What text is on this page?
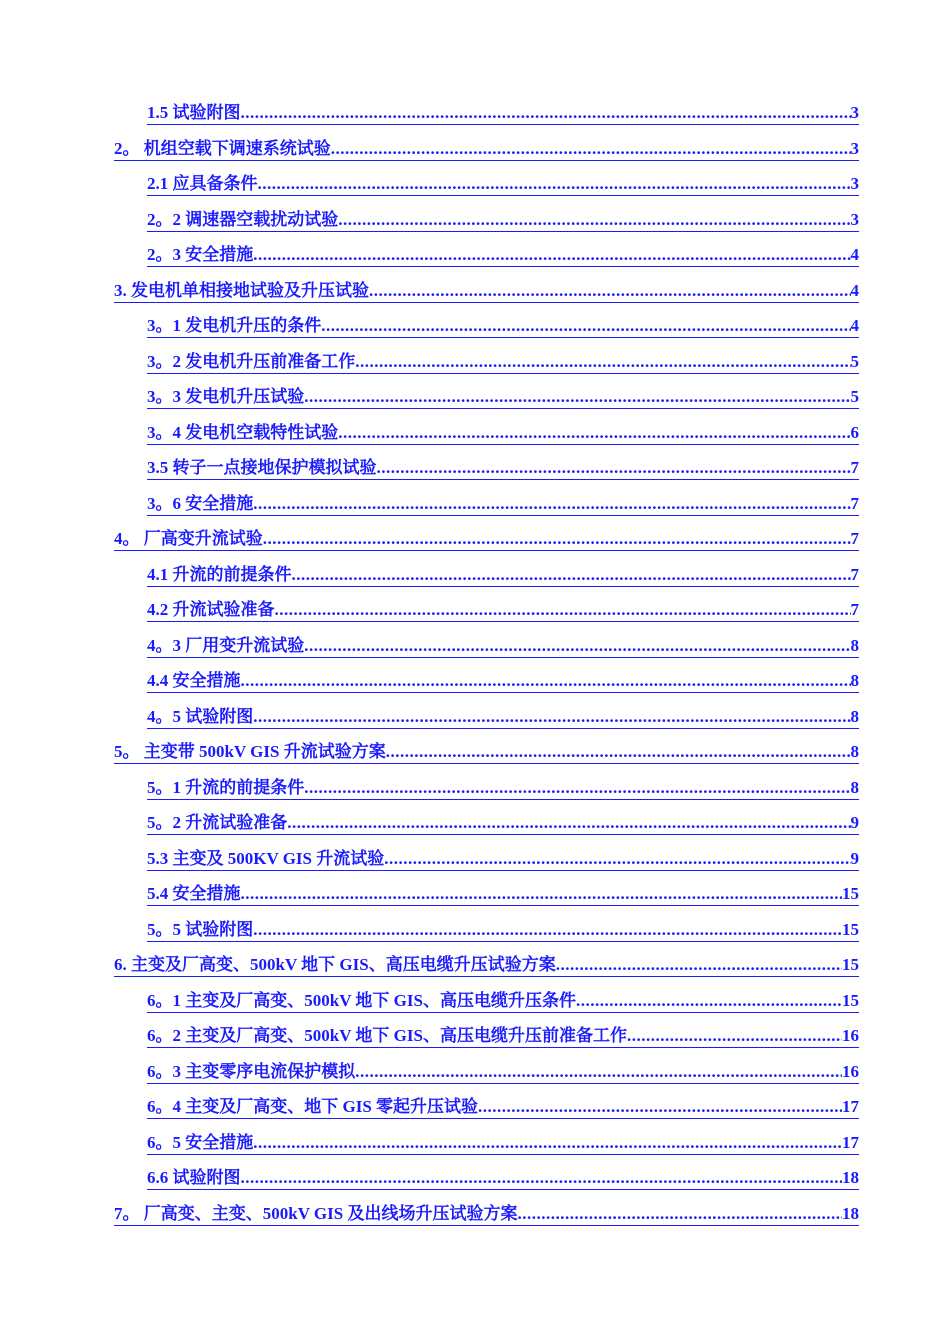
1.5 试验附图 .....	3
2。 机组空载下调速系统试验 .....	3
2.1 应具备条件 .....	3
2。2 调速器空载扰动试验 .....	3
2。3 安全措施 .....	4
3. 发电机单相接地试验及升压试验 .....	4
3。1 发电机升压的条件 .....	4
3。2 发电机升压前准备工作 .....	5
3。3 发电机升压试验 .....	5
3。4 发电机空载特性试验 .....	6
3.5 转子一点接地保护模拟试验 .....	7
3。6 安全措施 .....	7
4。 厂高变升流试验 .....	7
4.1 升流的前提条件 .....	7
4.2 升流试验准备 .....	7
4。3 厂用变升流试验 .....	8
4.4 安全措施 .....	8
4。5 试验附图 .....	8
5。 主变带 500kV GIS 升流试验方案 .....	8
5。1 升流的前提条件 .....	8
5。2 升流试验准备 .....	9
5.3 主变及 500KV GIS 升流试验 .....	9
5.4 安全措施 .....	15
5。5 试验附图 .....	15
6. 主变及厂高变、500kV 地下 GIS、高压电缆升压试验方案 .....	15
6。1 主变及厂高变、500kV 地下 GIS、高压电缆升压条件 .....	15
6。2 主变及厂高变、500kV 地下 GIS、高压电缆升压前准备工作 .....	16
6。3 主变零序电流保护模拟 .....	16
6。4 主变及厂高变、地下 GIS 零起升压试验 .....	17
6。5 安全措施 .....	17
6.6 试验附图 .....	18
7。 厂高变、主变、500kV GIS 及出线场升压试验方案 .....	18
